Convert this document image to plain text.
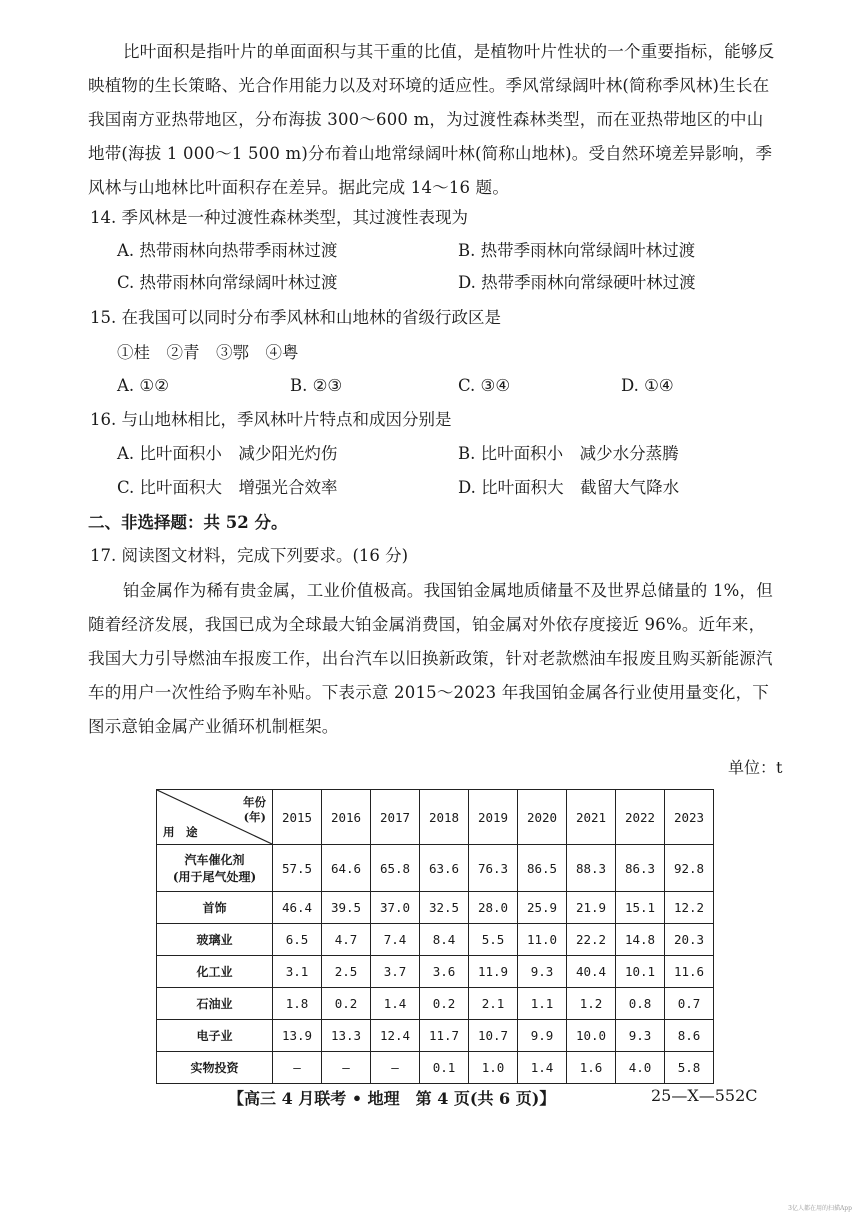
比叶面积是指叶片的单面面积与其干重的比值，是植物叶片性状的一个重要指标，能够反映植物的生长策略、光合作用能力以及对环境的适应性。季风常绿阔叶林(简称季风林)生长在我国南方亚热带地区，分布海拔 300～600 m，为过渡性森林类型，而在亚热带地区的中山地带(海拔 1 000～1 500 m)分布着山地常绿阔叶林(简称山地林)。受自然环境差异影响，季风林与山地林比叶面积存在差异。据此完成 14～16 题。
14. 季风林是一种过渡性森林类型，其过渡性表现为
A. 热带雨林向热带季雨林过渡	B. 热带季雨林向常绿阔叶林过渡
C. 热带雨林向常绿阔叶林过渡	D. 热带季雨林向常绿硬叶林过渡
15. 在我国可以同时分布季风林和山地林的省级行政区是
①桂　②青　③鄂　④粤
A. ①②	B. ②③	C. ③④	D. ①④
16. 与山地林相比，季风林叶片特点和成因分别是
A. 比叶面积小　减少阳光灼伤	B. 比叶面积小　减少水分蒸腾
C. 比叶面积大　增强光合效率	D. 比叶面积大　截留大气降水
二、非选择题：共 52 分。
17. 阅读图文材料，完成下列要求。(16 分)
铂金属作为稀有贵金属，工业价值极高。我国铂金属地质储量不及世界总储量的 1%，但随着经济发展，我国已成为全球最大铂金属消费国，铂金属对外依存度接近 96%。近年来，我国大力引导燃油车报废工作，出台汽车以旧换新政策，针对老款燃油车报废且购买新能源汽车的用户一次性给予购车补贴。下表示意 2015～2023 年我国铂金属各行业使用量变化，下图示意铂金属产业循环机制框架。
单位：t
年份
(年)
用　途	2015	2016	2017	2018	2019	2020	2021	2022	2023
汽车催化剂
(用于尾气处理)	57.5	64.6	65.8	63.6	76.3	86.5	88.3	86.3	92.8
首饰	46.4	39.5	37.0	32.5	28.0	25.9	21.9	15.1	12.2
玻璃业	6.5	4.7	7.4	8.4	5.5	11.0	22.2	14.8	20.3
化工业	3.1	2.5	3.7	3.6	11.9	9.3	40.4	10.1	11.6
石油业	1.8	0.2	1.4	0.2	2.1	1.1	1.2	0.8	0.7
电子业	13.9	13.3	12.4	11.7	10.7	9.9	10.0	9.3	8.6
实物投资	—	—	—	0.1	1.0	1.4	1.6	4.0	5.8
【高三 4 月联考 • 地理　第 4 页(共 6 页)】	25—X—552C
3亿人都在用的扫描App
